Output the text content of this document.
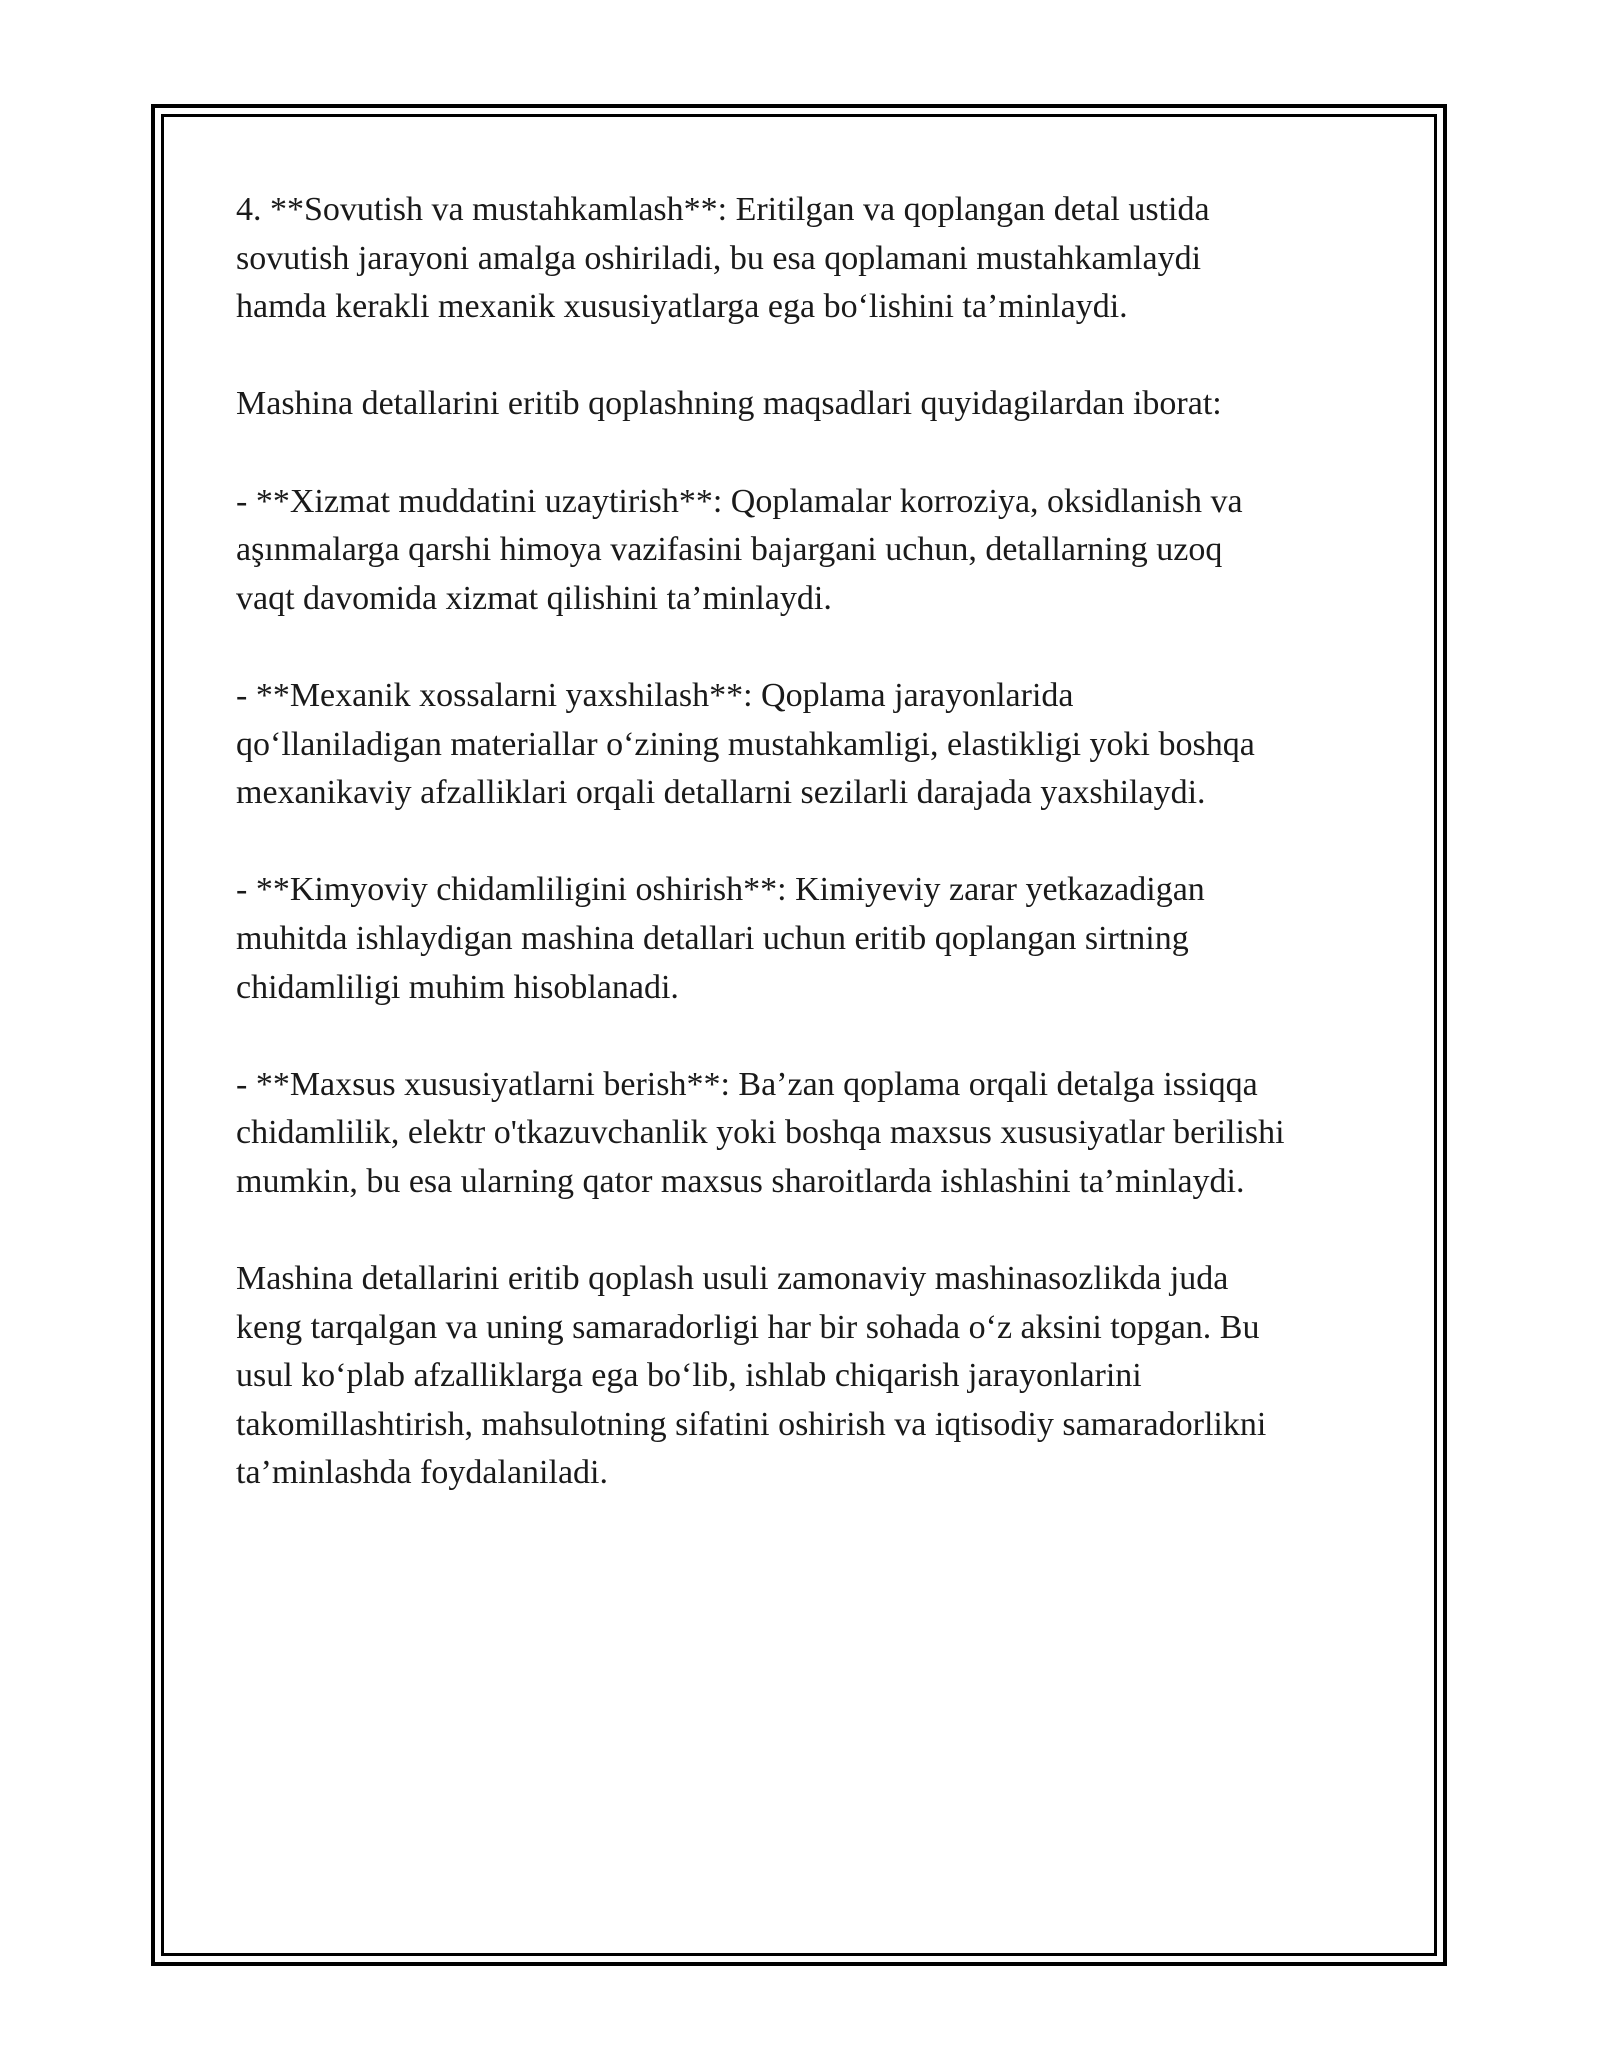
4. **Sovutish va mustahkamlash**: Eritilgan va qoplangan detal ustida
sovutish jarayoni amalga oshiriladi, bu esa qoplamani mustahkamlaydi
hamda kerakli mexanik xususiyatlarga ega bo‘lishini ta’minlaydi.

Mashina detallarini eritib qoplashning maqsadlari quyidagilardan iborat:

- **Xizmat muddatini uzaytirish**: Qoplamalar korroziya, oksidlanish va
aşınmalarga qarshi himoya vazifasini bajargani uchun, detallarning uzoq
vaqt davomida xizmat qilishini ta’minlaydi.

- **Mexanik xossalarni yaxshilash**: Qoplama jarayonlarida
qo‘llaniladigan materiallar o‘zining mustahkamligi, elastikligi yoki boshqa
mexanikaviy afzalliklari orqali detallarni sezilarli darajada yaxshilaydi.

- **Kimyoviy chidamliligini oshirish**: Kimiyeviy zarar yetkazadigan
muhitda ishlaydigan mashina detallari uchun eritib qoplangan sirtning
chidamliligi muhim hisoblanadi.

- **Maxsus xususiyatlarni berish**: Ba’zan qoplama orqali detalga issiqqa
chidamlilik, elektr o'tkazuvchanlik yoki boshqa maxsus xususiyatlar berilishi
mumkin, bu esa ularning qator maxsus sharoitlarda ishlashini ta’minlaydi.

Mashina detallarini eritib qoplash usuli zamonaviy mashinasozlikda juda
keng tarqalgan va uning samaradorligi har bir sohada o‘z aksini topgan. Bu
usul ko‘plab afzalliklarga ega bo‘lib, ishlab chiqarish jarayonlarini
takomillashtirish, mahsulotning sifatini oshirish va iqtisodiy samaradorlikni
ta’minlashda foydalaniladi.
